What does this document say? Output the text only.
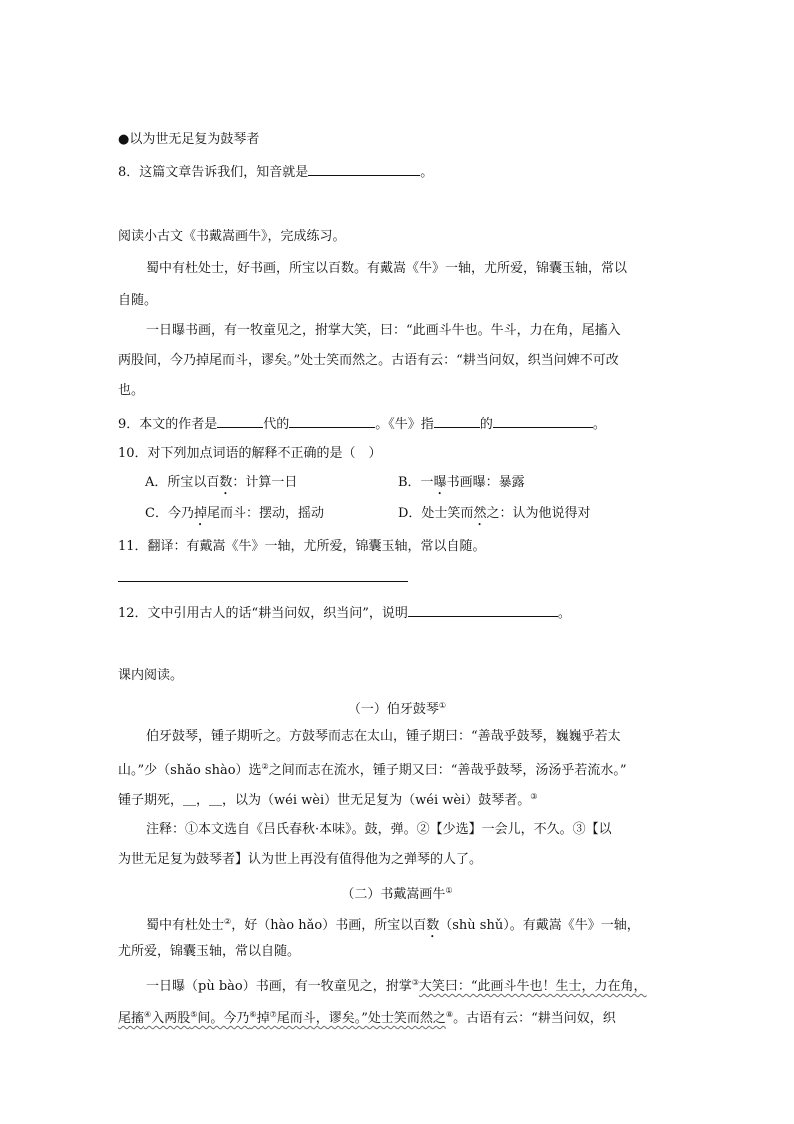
●以为世无足复为鼓琴者
8．这篇文章告诉我们，知音就是	。
阅读小古文《书戴嵩画牛》，完成练习。
蜀中有杜处士，好书画，所宝以百数。有戴嵩《牛》一轴，尤所爱，锦囊玉轴，常以
自随。
一日曝书画，有一牧童见之，拊掌大笑，曰：“此画斗牛也。牛斗，力在角，尾搐入
两股间，今乃掉尾而斗，谬矣。”处士笑而然之。古语有云：“耕当问奴，织当问婢不可改
也。
9．本文的作者是	代的	。《牛》指	的	。
10．对下列加点词语的解释不正确的是（　）
A．所宝以百数：计算一日	B．一曝书画曝：暴露
C．今乃掉尾而斗：摆动，摇动	D．处士笑而然之：认为他说得对
11．翻译：有戴嵩《牛》一轴，尤所爱，锦囊玉轴，常以自随。
12．文中引用古人的话“耕当问奴，织当问”，说明	。
课内阅读。
（一）伯牙鼓琴①
伯牙鼓琴，锺子期听之。方鼓琴而志在太山，锺子期曰：“善哉乎鼓琴，巍巍乎若太
山。”少（shǎo shào）选②之间而志在流水，锺子期又曰：“善哉乎鼓琴，汤汤乎若流水。”
锺子期死，＿，＿，以为（wéi wèi）世无足复为（wéi wèi）鼓琴者。③
注释：①本文选自《吕氏春秋·本味》。鼓，弹。②【少选】一会儿，不久。③【以
为世无足复为鼓琴者】认为世上再没有值得他为之弹琴的人了。
（二）书戴嵩画牛①
蜀中有杜处士②，好（hào hǎo）书画，所宝以百数（shù shǔ）。有戴嵩《牛》一轴，
尤所爱，锦囊玉轴，常以自随。
一日曝（pù bào）书画，有一牧童见之，拊掌③大笑曰：“此画斗牛也！生士，力在角，
尾搐④入两股⑤间。今乃⑥掉⑦尾而斗，谬矣。”处士笑而然之⑧。古语有云：“耕当问奴，织
